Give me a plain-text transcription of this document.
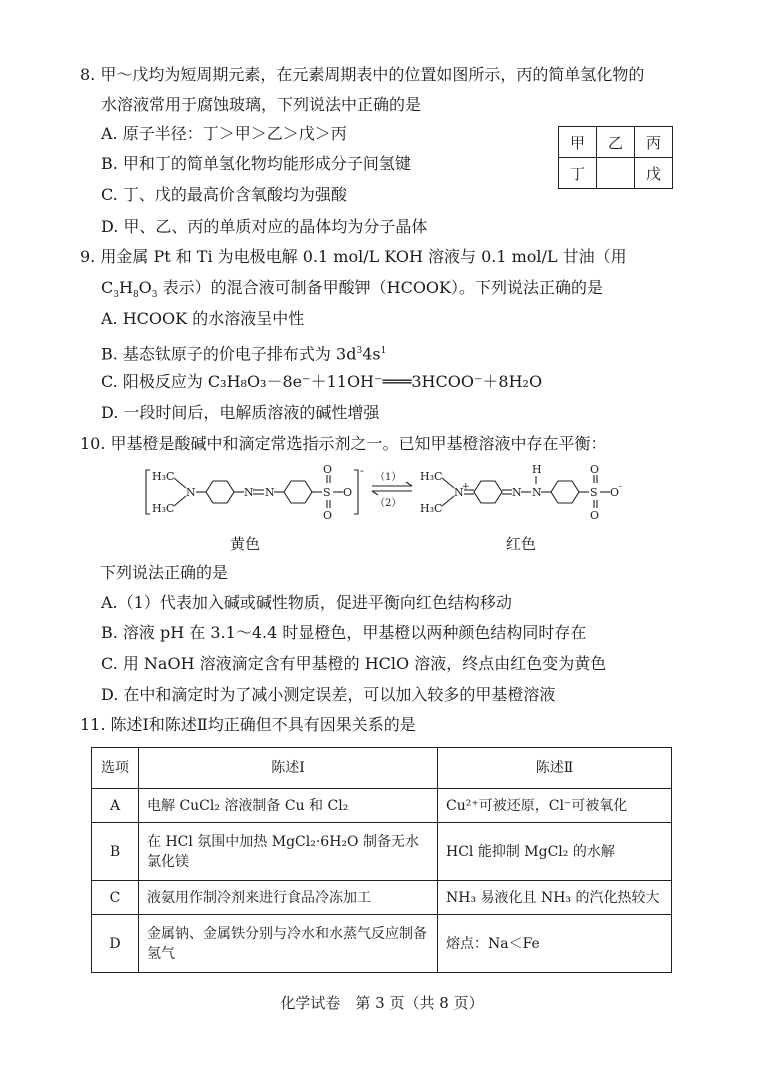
8. 甲～戊均为短周期元素，在元素周期表中的位置如图所示，丙的简单氢化物的
水溶液常用于腐蚀玻璃，下列说法中正确的是
A. 原子半径：丁＞甲＞乙＞戊＞丙
B. 甲和丁的简单氢化物均能形成分子间氢键
C. 丁、戊的最高价含氧酸均为强酸
D. 甲、乙、丙的单质对应的晶体均为分子晶体
甲	乙	丙
丁		戊
9. 用金属 Pt 和 Ti 为电极电解 0.1 mol/L KOH 溶液与 0.1 mol/L 甘油（用
$C_3H_8O_3$ 表示）的混合液可制备甲酸钾（HCOOK）。下列说法正确的是
A. HCOOK 的水溶液呈中性
B. 基态钛原子的价电子排布式为 $3d^34s^1$
C. 阳极反应为 C₃H₈O₃－8e⁻＋11OH⁻═══3HCOO⁻＋8H₂O
D. 一段时间后，电解质溶液的碱性增强
10. 甲基橙是酸碱中和滴定常选指示剂之一。已知甲基橙溶液中存在平衡：
H₃C
H₃C
N	N N	S
O
O
O
-
（1）
（2）
H₃C
H₃C
N
+	N N
H
S
O
O
O -
黄色	红色
下列说法正确的是
A.（1）代表加入碱或碱性物质，促进平衡向红色结构移动
B. 溶液 pH 在 3.1～4.4 时显橙色，甲基橙以两种颜色结构同时存在
C. 用 NaOH 溶液滴定含有甲基橙的 HClO 溶液，终点由红色变为黄色
D. 在中和滴定时为了减小测定误差，可以加入较多的甲基橙溶液
11. 陈述Ⅰ和陈述Ⅱ均正确但不具有因果关系的是
选项	陈述Ⅰ	陈述Ⅱ
A	电解 CuCl₂ 溶液制备 Cu 和 Cl₂	Cu²⁺可被还原，Cl⁻可被氧化
B	在 HCl 氛围中加热 MgCl₂·6H₂O 制备无水氯化镁	HCl 能抑制 MgCl₂ 的水解
C	液氨用作制冷剂来进行食品冷冻加工	NH₃ 易液化且 NH₃ 的汽化热较大
D	金属钠、金属铁分别与冷水和水蒸气反应制备氢气	熔点：Na＜Fe
化学试卷　第 3 页（共 8 页）
